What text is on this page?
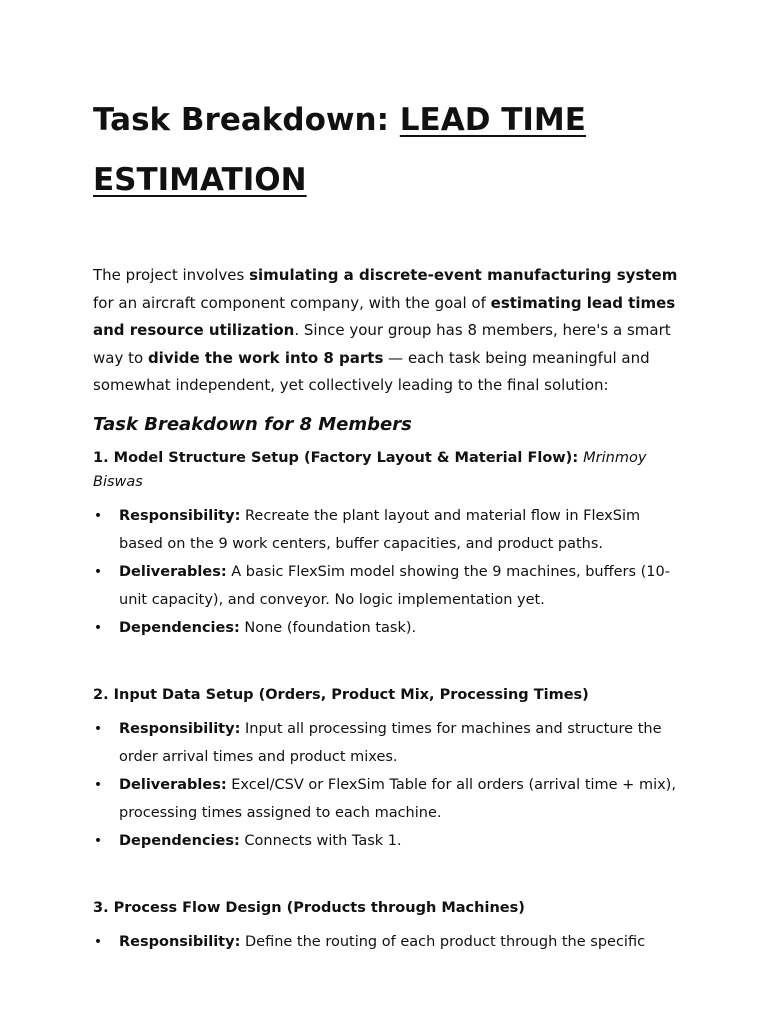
Task Breakdown: LEAD TIME
ESTIMATION

The project involves simulating a discrete-event manufacturing system for an aircraft component company, with the goal of estimating lead times and resource utilization. Since your group has 8 members, here's a smart way to divide the work into 8 parts — each task being meaningful and somewhat independent, yet collectively leading to the final solution:

Task Breakdown for 8 Members

1. Model Structure Setup (Factory Layout & Material Flow): Mrinmoy Biswas

• Responsibility: Recreate the plant layout and material flow in FlexSim based on the 9 work centers, buffer capacities, and product paths.
• Deliverables: A basic FlexSim model showing the 9 machines, buffers (10-unit capacity), and conveyor. No logic implementation yet.
• Dependencies: None (foundation task).

2. Input Data Setup (Orders, Product Mix, Processing Times)

• Responsibility: Input all processing times for machines and structure the order arrival times and product mixes.
• Deliverables: Excel/CSV or FlexSim Table for all orders (arrival time + mix), processing times assigned to each machine.
• Dependencies: Connects with Task 1.

3. Process Flow Design (Products through Machines)

• Responsibility: Define the routing of each product through the specific
